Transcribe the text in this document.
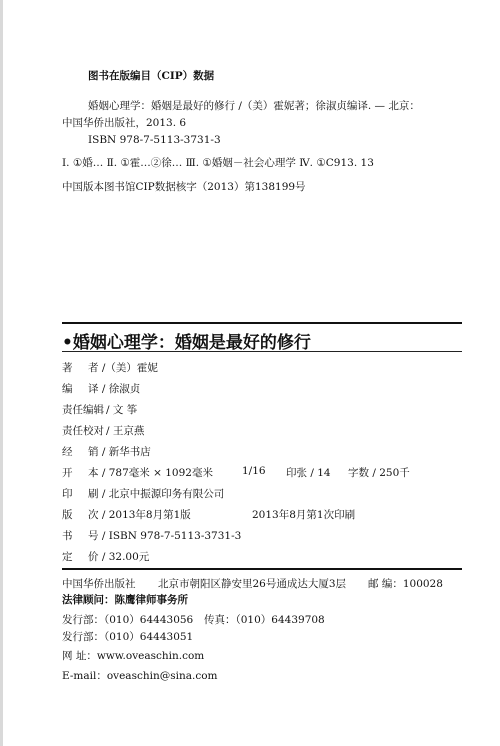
图书在版编目（CIP）数据
婚姻心理学：婚姻是最好的修行 /（美）霍妮著；徐淑贞编译. — 北京：
中国华侨出版社，2013. 6
ISBN 978-7-5113-3731-3
Ⅰ. ①婚… Ⅱ. ①霍…②徐… Ⅲ. ①婚姻－社会心理学 Ⅳ. ①C913. 13
中国版本图书馆CIP数据核字（2013）第138199号
•婚姻心理学：婚姻是最好的修行
著 者 /（美）霍妮
编 译 / 徐淑贞
责任编辑 / 文 筝
责任校对 / 王京燕
经 销 / 新华书店
开 本 / 787毫米 × 1092毫米	1/16 印张 / 14 字数 / 250千
印 刷 / 北京中振源印务有限公司
版 次 / 2013年8月第1版	2013年8月第1次印刷
书 号 / ISBN 978-7-5113-3731-3
定 价 / 32.00元
中国华侨出版社 北京市朝阳区静安里26号通成达大厦3层 邮 编：100028
法律顾问：陈鹰律师事务所
发行部：（010）64443056 传真：（010）64439708
发行部：（010）64443051
网 址：www.oveaschin.com
E-mail：oveaschin@sina.com
